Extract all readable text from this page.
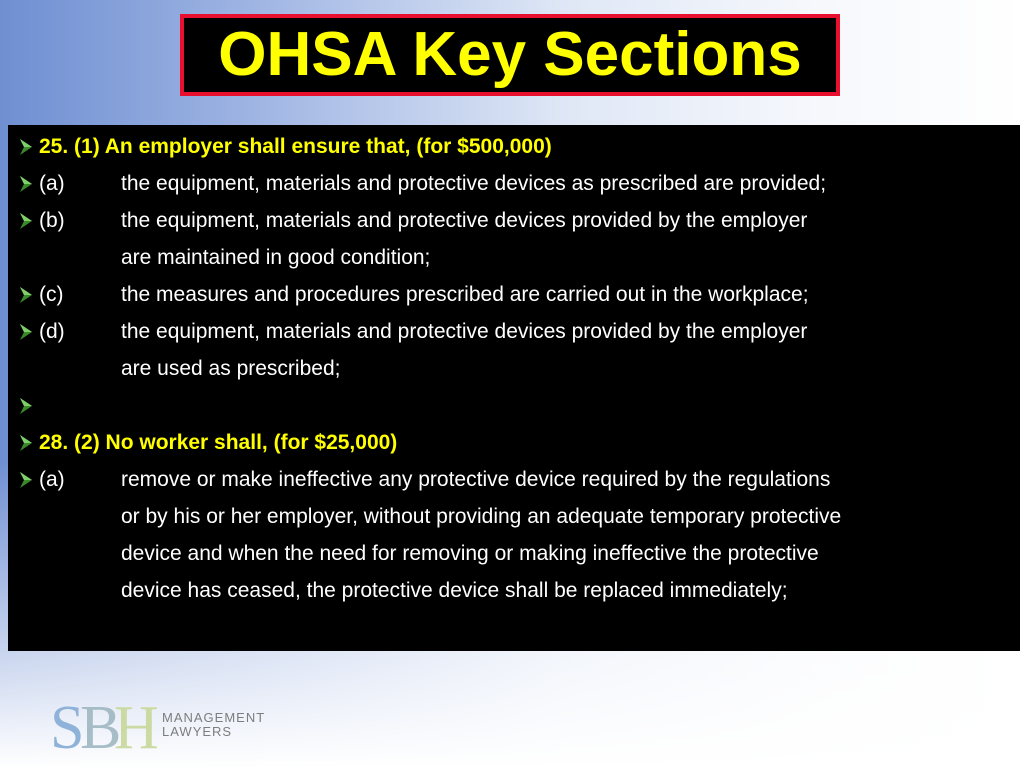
OHSA Key Sections
25. (1) An employer shall ensure that, (for $500,000)
(a)	the equipment, materials and protective devices as prescribed are provided;
(b)	the equipment, materials and protective devices provided by the employer
are maintained in good condition;
(c)	the measures and procedures prescribed are carried out in the workplace;
(d)	the equipment, materials and protective devices provided by the employer
are used as prescribed;
28. (2) No worker shall, (for $25,000)
(a)	remove or make ineffective any protective device required by the regulations
or by his or her employer, without providing an adequate temporary protective
device and when the need for removing or making ineffective the protective
device has ceased, the protective device shall be replaced immediately;
S
B
H MANAGEMENT
LAWYERS
